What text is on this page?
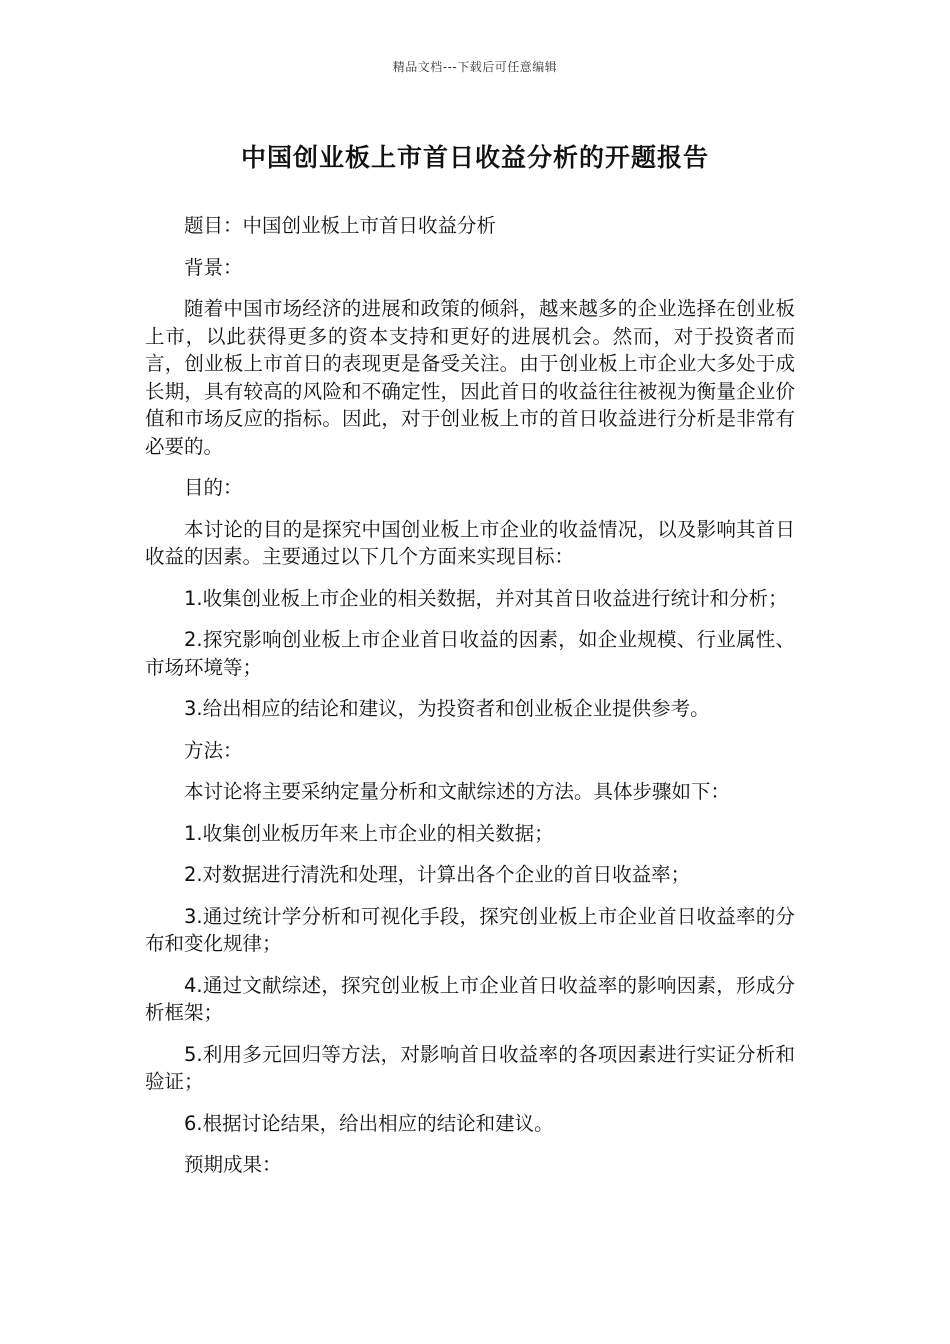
精品文档---下载后可任意编辑
中国创业板上市首日收益分析的开题报告

题目：中国创业板上市首日收益分析

背景：

随着中国市场经济的进展和政策的倾斜，越来越多的企业选择在创业板上市，以此获得更多的资本支持和更好的进展机会。然而，对于投资者而言，创业板上市首日的表现更是备受关注。由于创业板上市企业大多处于成长期，具有较高的风险和不确定性，因此首日的收益往往被视为衡量企业价值和市场反应的指标。因此，对于创业板上市的首日收益进行分析是非常有必要的。

目的：

本讨论的目的是探究中国创业板上市企业的收益情况，以及影响其首日收益的因素。主要通过以下几个方面来实现目标：

1.收集创业板上市企业的相关数据，并对其首日收益进行统计和分析；

2.探究影响创业板上市企业首日收益的因素，如企业规模、行业属性、市场环境等；

3.给出相应的结论和建议，为投资者和创业板企业提供参考。

方法：

本讨论将主要采纳定量分析和文献综述的方法。具体步骤如下：

1.收集创业板历年来上市企业的相关数据；

2.对数据进行清洗和处理，计算出各个企业的首日收益率；

3.通过统计学分析和可视化手段，探究创业板上市企业首日收益率的分布和变化规律；

4.通过文献综述，探究创业板上市企业首日收益率的影响因素，形成分析框架；

5.利用多元回归等方法，对影响首日收益率的各项因素进行实证分析和验证；

6.根据讨论结果，给出相应的结论和建议。

预期成果：
